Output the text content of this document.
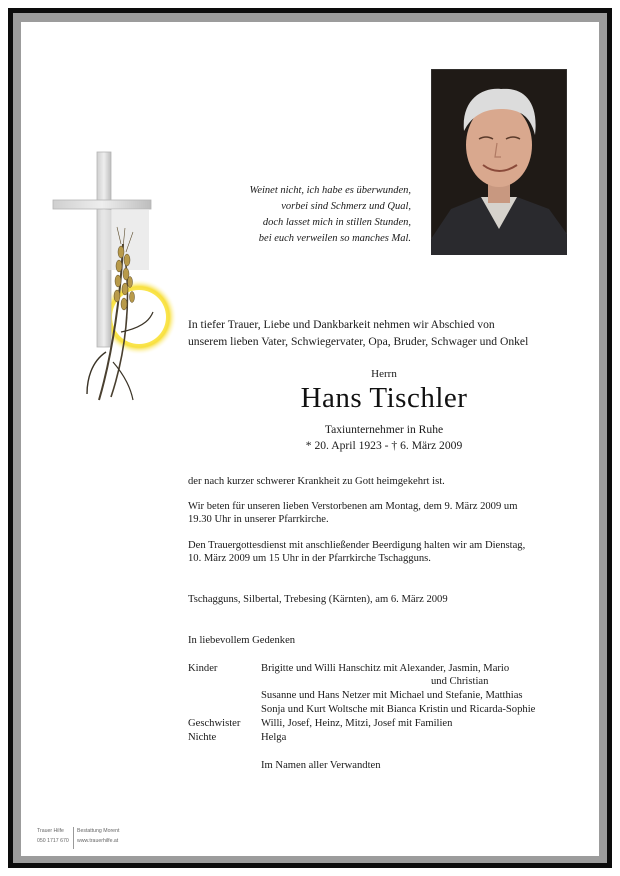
Weinet nicht, ich habe es überwunden,
vorbei sind Schmerz und Qual,
doch lasset mich in stillen Stunden,
bei euch verweilen so manches Mal.
In tiefer Trauer, Liebe und Dankbarkeit nehmen wir Abschied von
unserem lieben Vater, Schwiegervater, Opa, Bruder, Schwager und Onkel
Herrn
Hans Tischler
Taxiunternehmer in Ruhe
* 20. April 1923 - † 6. März 2009
der nach kurzer schwerer Krankheit zu Gott heimgekehrt ist.
Wir beten für unseren lieben Verstorbenen am Montag, dem 9. März 2009 um
19.30 Uhr in unserer Pfarrkirche.
Den Trauergottesdienst mit anschließender Beerdigung halten wir am Dienstag,
10. März 2009 um 15 Uhr in der Pfarrkirche Tschagguns.
Tschagguns, Silbertal, Trebesing (Kärnten), am 6. März 2009
In liebevollem Gedenken
Kinder	Brigitte und Willi Hanschitz mit Alexander, Jasmin, Mario
und Christian
Susanne und Hans Netzer mit Michael und Stefanie, Matthias
Sonja und Kurt Woltsche mit Bianca Kristin und Ricarda-Sophie
Geschwister Willi, Josef, Heinz, Mitzi, Josef mit Familien
Nichte	Helga
Im Namen aller Verwandten
Trauer Hilfe
050 1717 670
Bestattung Morent
www.trauerhilfe.at
